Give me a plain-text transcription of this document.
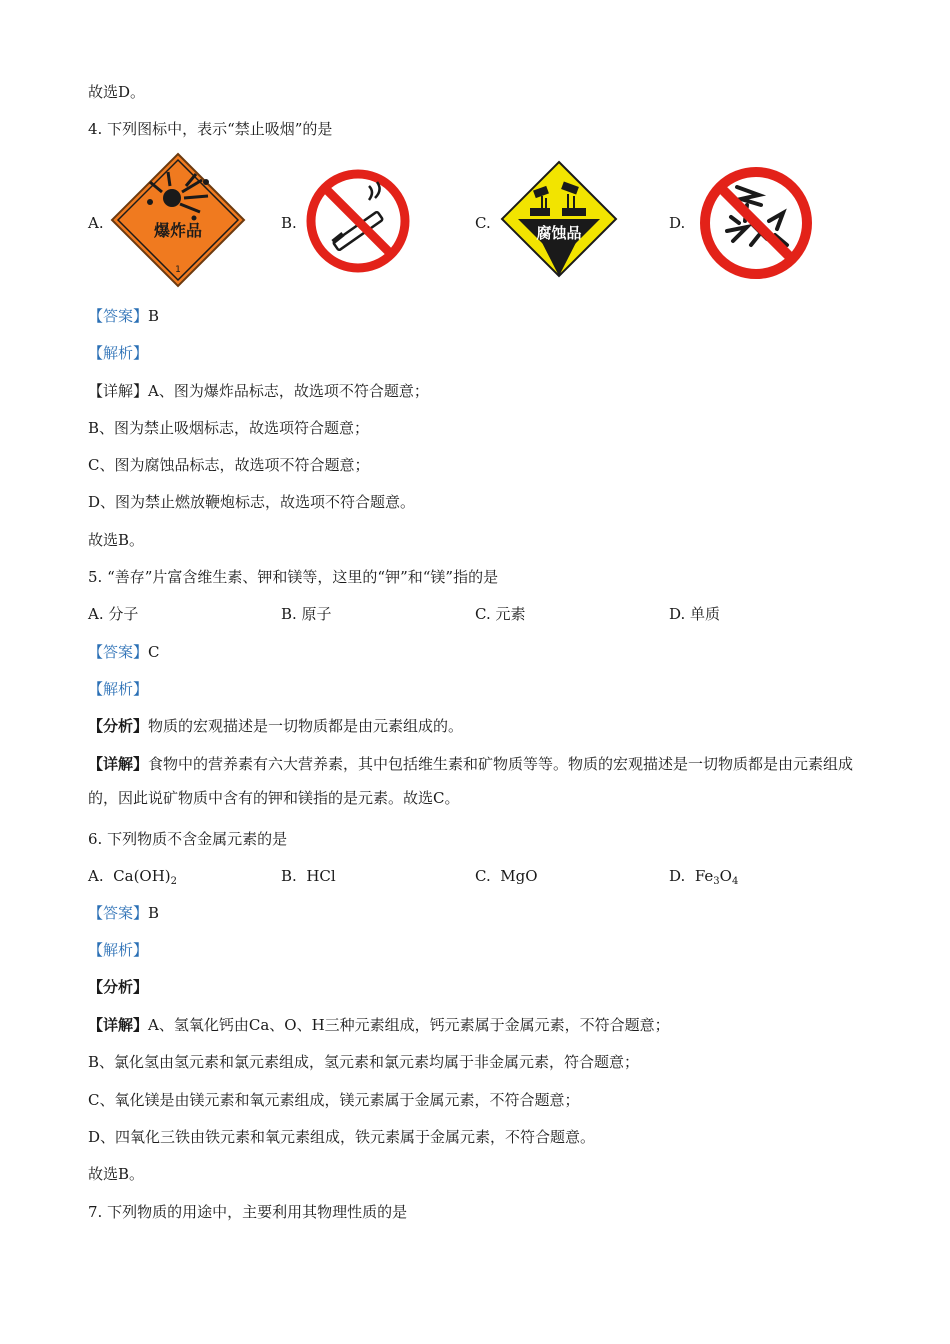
故选D。
4. 下列图标中，表示“禁止吸烟”的是
A.	爆炸品
1
B.	C.
腐蚀品
D.
【答案】B
【解析】
【详解】A、图为爆炸品标志，故选项不符合题意；
B、图为禁止吸烟标志，故选项符合题意；
C、图为腐蚀品标志，故选项不符合题意；
D、图为禁止燃放鞭炮标志，故选项不符合题意。
故选B。
5. “善存”片富含维生素、钾和镁等，这里的“钾”和“镁”指的是
A. 分子	B. 原子	C. 元素	D. 单质
【答案】C
【解析】
【分析】物质的宏观描述是一切物质都是由元素组成的。
【详解】食物中的营养素有六大营养素，其中包括维生素和矿物质等等。物质的宏观描述是一切物质都是由元素组成的，因此说矿物质中含有的钾和镁指的是元素。故选C。
6. 下列物质不含金属元素的是
A. $Ca(OH)_2$	B. HCl	C. MgO	D. $Fe_3O_4$
【答案】B
【解析】
【分析】
【详解】A、氢氧化钙由Ca、O、H三种元素组成，钙元素属于金属元素，不符合题意；
B、氯化氢由氢元素和氯元素组成，氢元素和氯元素均属于非金属元素，符合题意；
C、氧化镁是由镁元素和氧元素组成，镁元素属于金属元素，不符合题意；
D、四氧化三铁由铁元素和氧元素组成，铁元素属于金属元素，不符合题意。
故选B。
7. 下列物质的用途中，主要利用其物理性质的是
